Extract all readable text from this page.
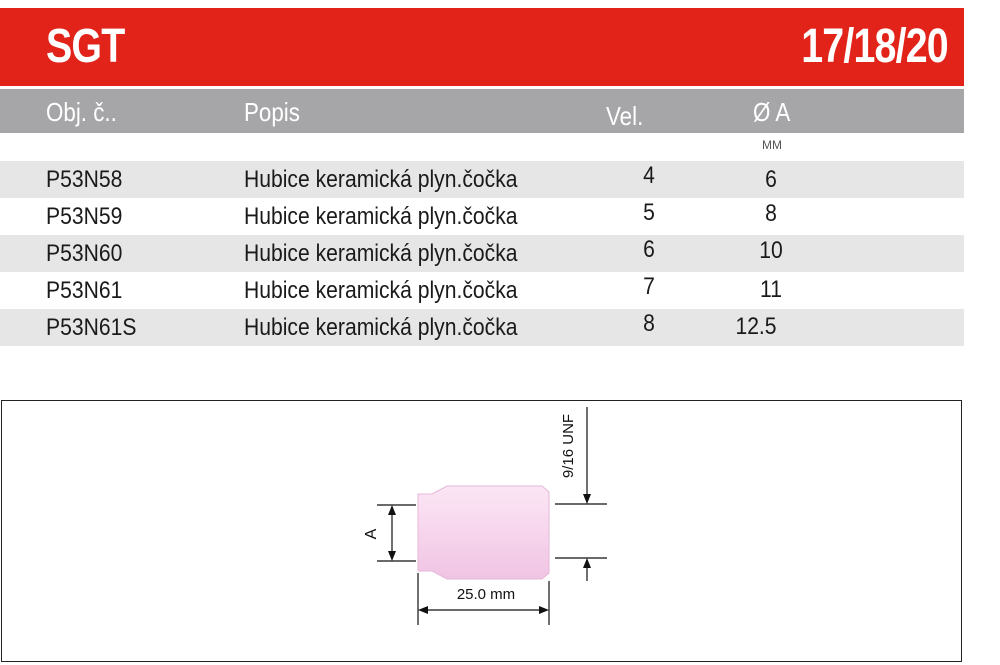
SGT	17/18/20
Obj. č..	Popis	Vel.	Ø A
MM
P53N58	Hubice keramická plyn.čočka	4	6
P53N59	Hubice keramická plyn.čočka	5	8
P53N60	Hubice keramická plyn.čočka	6	10
P53N61	Hubice keramická plyn.čočka	7	11
P53N61S	Hubice keramická plyn.čočka	8	12.5
A
25.0 mm
9/16 UNF
